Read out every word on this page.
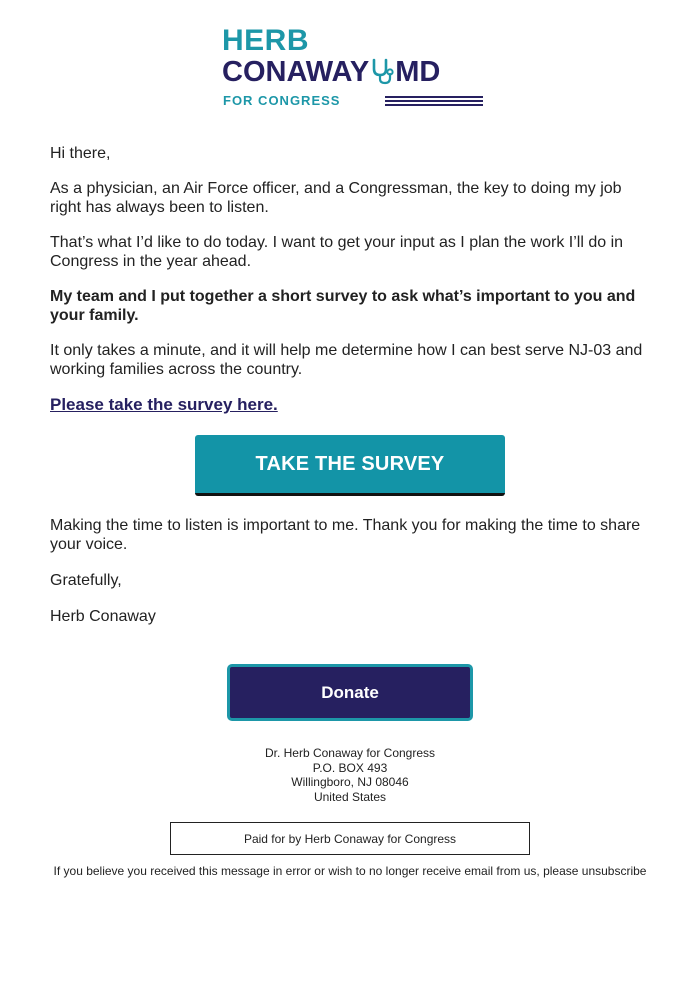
HERB
CONAWAY MD
FOR CONGRESS

Hi there,

As a physician, an Air Force officer, and a Congressman, the key to doing my job right has always been to listen.

That’s what I’d like to do today. I want to get your input as I plan the work I’ll do in Congress in the year ahead.

My team and I put together a short survey to ask what’s important to you and your family.

It only takes a minute, and it will help me determine how I can best serve NJ-03 and working families across the country.

Please take the survey here.
TAKE THE SURVEY

Making the time to listen is important to me. Thank you for making the time to share your voice.

Gratefully,

Herb Conaway

Donate
Dr. Herb Conaway for Congress
P.O. BOX 493
Willingboro, NJ 08046
United States
Paid for by Herb Conaway for Congress
If you believe you received this message in error or wish to no longer receive email from us, please unsubscribe
